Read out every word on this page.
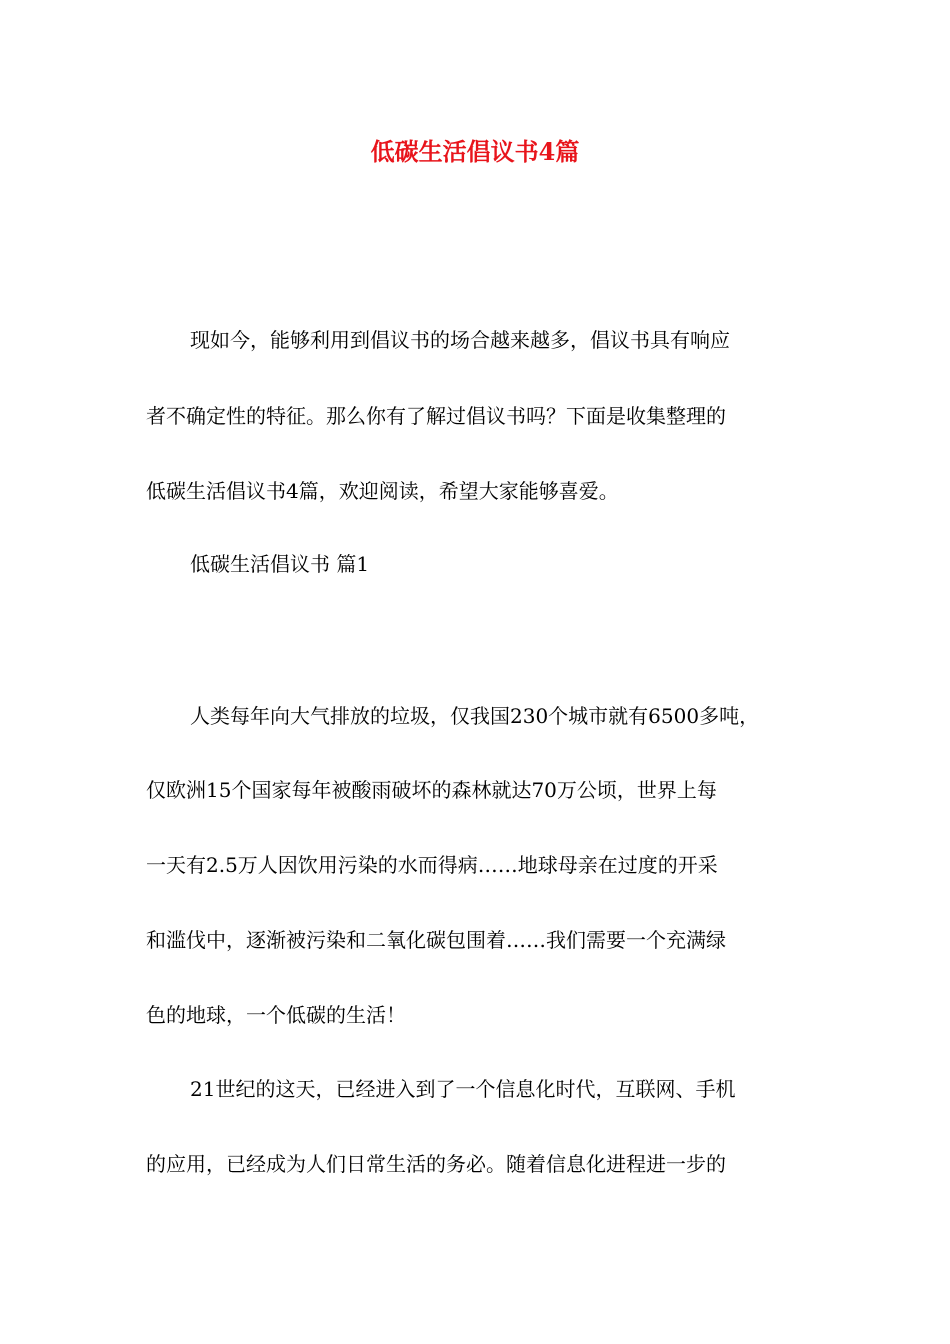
低碳生活倡议书4篇
现如今，能够利用到倡议书的场合越来越多，倡议书具有响应
者不确定性的特征。那么你有了解过倡议书吗？下面是收集整理的
低碳生活倡议书4篇，欢迎阅读，希望大家能够喜爱。
低碳生活倡议书 篇1
人类每年向大气排放的垃圾，仅我国230个城市就有6500多吨，
仅欧洲15个国家每年被酸雨破坏的森林就达70万公顷，世界上每
一天有2.5万人因饮用污染的水而得病……地球母亲在过度的开采
和滥伐中，逐渐被污染和二氧化碳包围着……我们需要一个充满绿
色的地球，一个低碳的生活！
21世纪的这天，已经进入到了一个信息化时代，互联网、手机
的应用，已经成为人们日常生活的务必。随着信息化进程进一步的
